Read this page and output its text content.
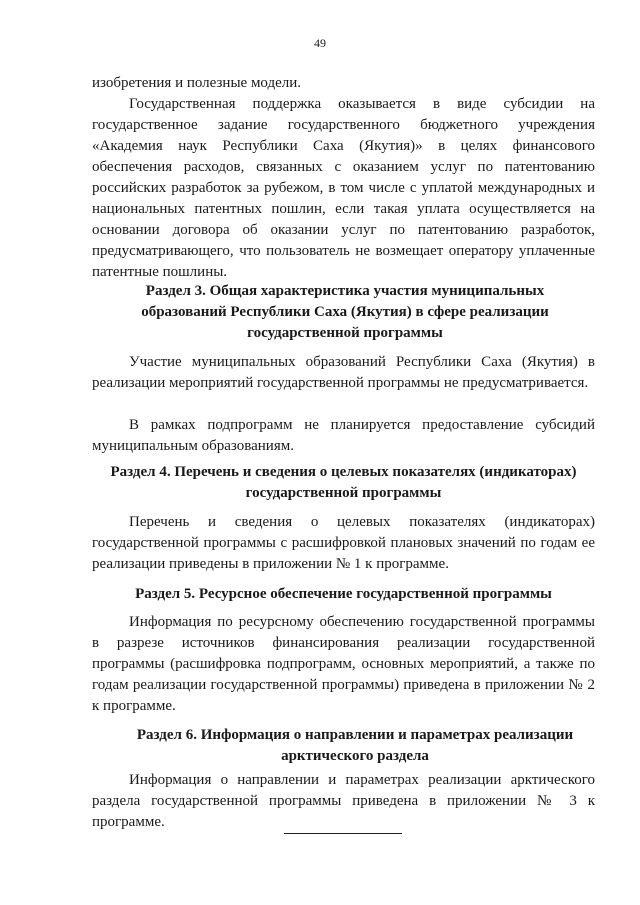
49

изобретения и полезные модели.

Государственная поддержка оказывается в виде субсидии на государственное задание государственного бюджетного учреждения «Академия наук Республики Саха (Якутия)» в целях финансового обеспечения расходов, связанных с оказанием услуг по патентованию российских разработок за рубежом, в том числе с уплатой международных и национальных патентных пошлин, если такая уплата осуществляется на основании договора об оказании услуг по патентованию разработок, предусматривающего, что пользователь не возмещает оператору уплаченные патентные пошлины.

Раздел 3. Общая характеристика участия муниципальных образований Республики Саха (Якутия) в сфере реализации государственной программы

Участие муниципальных образований Республики Саха (Якутия) в реализации мероприятий государственной программы не предусматривается.

В рамках подпрограмм не планируется предоставление субсидий муниципальным образованиям.

Раздел 4. Перечень и сведения о целевых показателях (индикаторах) государственной программы

Перечень и сведения о целевых показателях (индикаторах) государственной программы с расшифровкой плановых значений по годам ее реализации приведены в приложении № 1 к программе.

Раздел 5. Ресурсное обеспечение государственной программы

Информация по ресурсному обеспечению государственной программы в разрезе источников финансирования реализации государственной программы (расшифровка подпрограмм, основных мероприятий, а также по годам реализации государственной программы) приведена в приложении № 2 к программе.

Раздел 6. Информация о направлении и параметрах реализации арктического раздела

Информация о направлении и параметрах реализации арктического раздела государственной программы приведена в приложении № 3 к программе.
